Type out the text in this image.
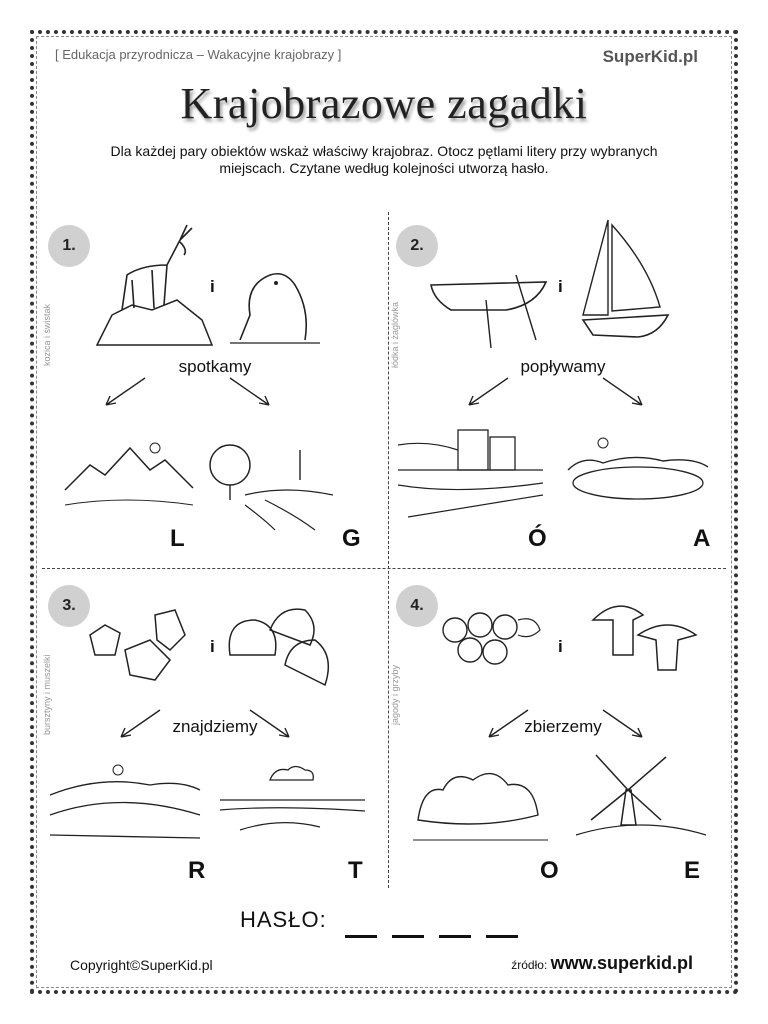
[ Edukacja przyrodnicza – Wakacyjne krajobrazy ]	SuperKid.pl
Krajobrazowe zagadki
Dla każdej pary obiektów wskaż właściwy krajobraz. Otocz pętlami litery przy wybranych miejscach. Czytane według kolejności utworzą hasło.
1.
kozica i świstak
i
spotkamy
L	G
2.
łódka i żaglówka
i
popływamy
Ó	A
3.
bursztyny i muszelki
i
znajdziemy
R	T
4.
jagody i grzyby
i
zbierzemy
O	E
HASŁO:
Copyright©SuperKid.pl	źródło: www.superkid.pl
